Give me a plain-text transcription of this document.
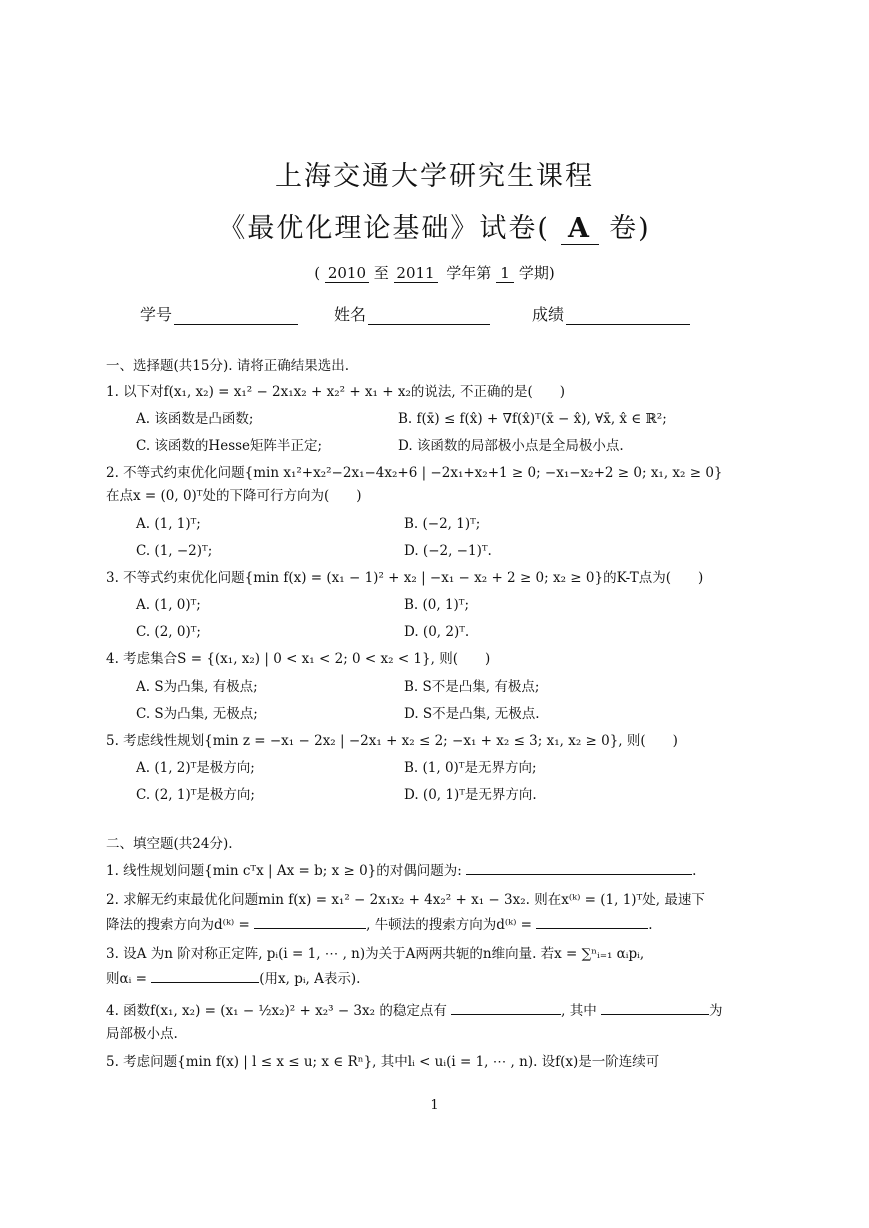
上海交通大学研究生课程
《最优化理论基础》试卷( A 卷)
( 2010 至 2011 学年第 1 学期)
学号	姓名	成绩
一、选择题(共15分). 请将正确结果选出.
1. 以下对f(x₁, x₂) = x₁² − 2x₁x₂ + x₂² + x₁ + x₂的说法, 不正确的是(　　)
A. 该函数是凸函数;	B. f(x̄) ≤ f(x̂) + ∇f(x̂)ᵀ(x̄ − x̂), ∀x̄, x̂ ∈ ℝ²;
C. 该函数的Hesse矩阵半正定;	D. 该函数的局部极小点是全局极小点.
2. 不等式约束优化问题{min x₁²+x₂²−2x₁−4x₂+6 | −2x₁+x₂+1 ≥ 0; −x₁−x₂+2 ≥ 0; x₁, x₂ ≥ 0}
在点x = (0, 0)ᵀ处的下降可行方向为(　　)
A. (1, 1)ᵀ;	B. (−2, 1)ᵀ;
C. (1, −2)ᵀ;	D. (−2, −1)ᵀ.
3. 不等式约束优化问题{min f(x) = (x₁ − 1)² + x₂ | −x₁ − x₂ + 2 ≥ 0; x₂ ≥ 0}的K-T点为(　　)
A. (1, 0)ᵀ;	B. (0, 1)ᵀ;
C. (2, 0)ᵀ;	D. (0, 2)ᵀ.
4. 考虑集合S = {(x₁, x₂) | 0 < x₁ < 2; 0 < x₂ < 1}, 则(　　)
A. S为凸集, 有极点;	B. S不是凸集, 有极点;
C. S为凸集, 无极点;	D. S不是凸集, 无极点.
5. 考虑线性规划{min z = −x₁ − 2x₂ | −2x₁ + x₂ ≤ 2; −x₁ + x₂ ≤ 3; x₁, x₂ ≥ 0}, 则(　　)
A. (1, 2)ᵀ是极方向;	B. (1, 0)ᵀ是无界方向;
C. (2, 1)ᵀ是极方向;	D. (0, 1)ᵀ是无界方向.
二、填空题(共24分).
1. 线性规划问题{min cᵀx | Ax = b; x ≥ 0}的对偶问题为:	.
2. 求解无约束最优化问题min f(x) = x₁² − 2x₁x₂ + 4x₂² + x₁ − 3x₂. 则在x⁽ᵏ⁾ = (1, 1)ᵀ处, 最速下
降法的搜索方向为d⁽ᵏ⁾ =	, 牛顿法的搜索方向为d⁽ᵏ⁾ =	.
3. 设A 为n 阶对称正定阵, pᵢ(i = 1, ⋯ , n)为关于A两两共轭的n维向量. 若x = ∑ⁿᵢ₌₁ αᵢpᵢ,
则αᵢ =	(用x, pᵢ, A表示).
4. 函数f(x₁, x₂) = (x₁ − ½x₂)² + x₂³ − 3x₂ 的稳定点有	, 其中	为
局部极小点.
5. 考虑问题{min f(x) | l ≤ x ≤ u; x ∈ Rⁿ}, 其中lᵢ < uᵢ(i = 1, ⋯ , n). 设f(x)是一阶连续可
1
